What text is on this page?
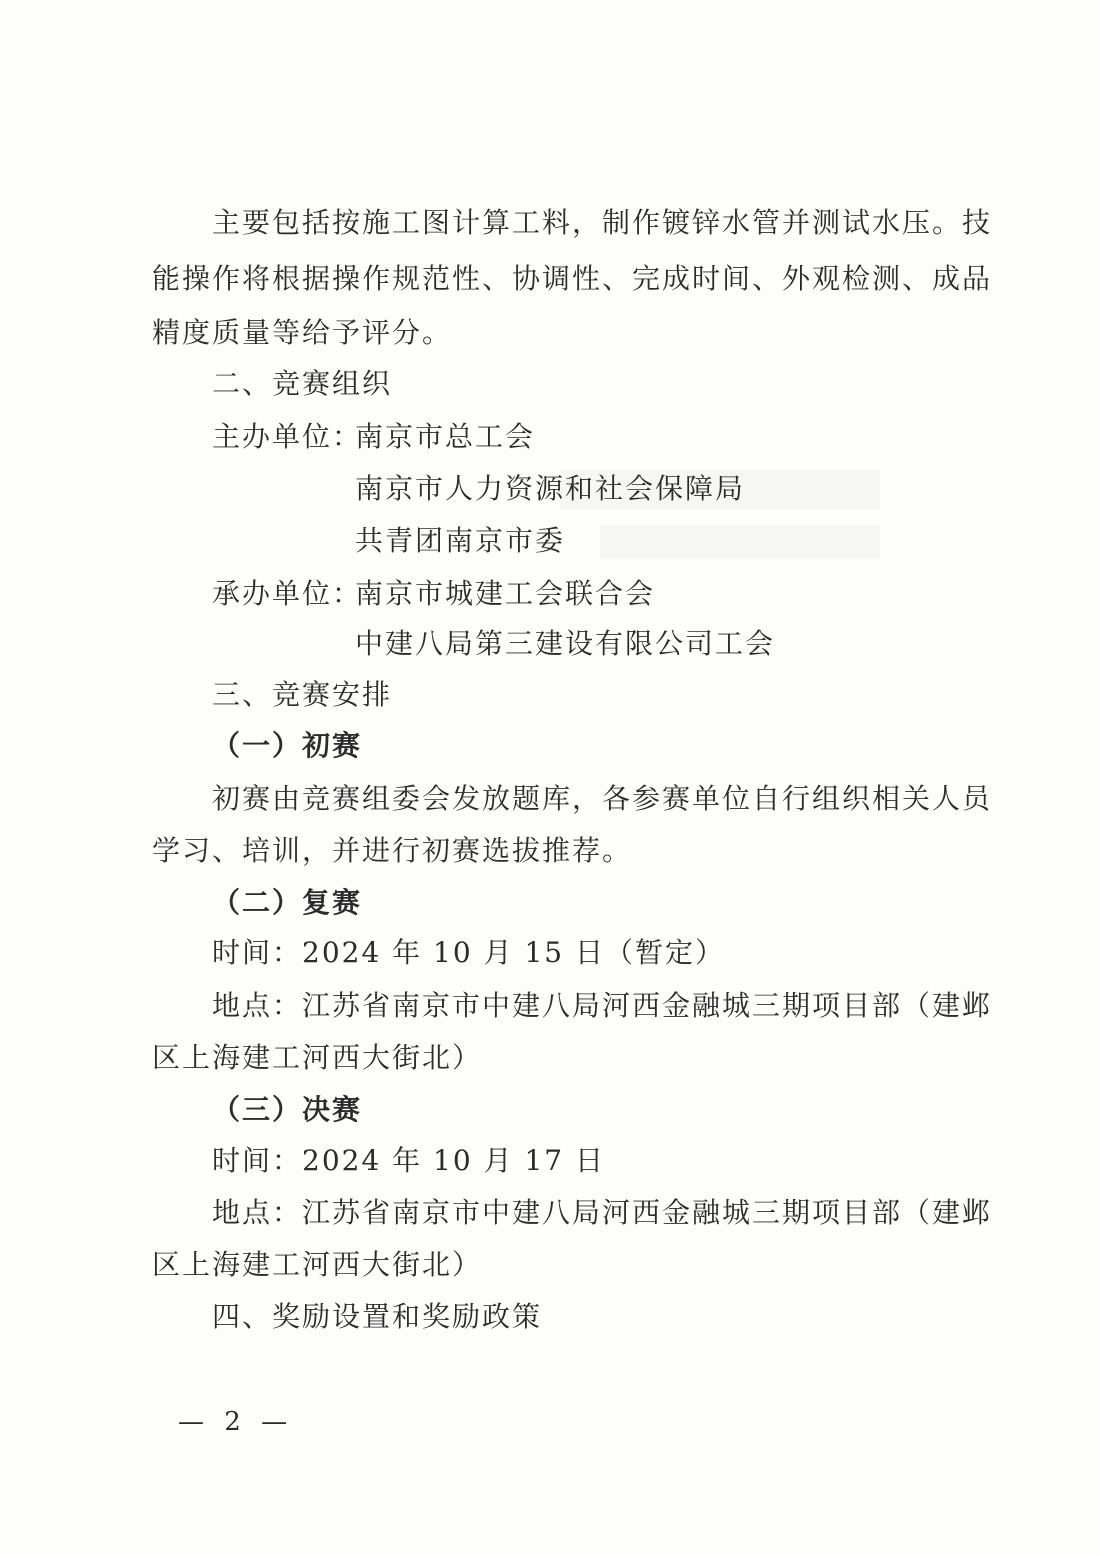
主要包括按施工图计算工料，制作镀锌水管并测试水压。技
能操作将根据操作规范性、协调性、完成时间、外观检测、成品
精度质量等给予评分。
二、竞赛组织
主办单位：
南京市总工会
南京市人力资源和社会保障局
共青团南京市委
承办单位：
南京市城建工会联合会
中建八局第三建设有限公司工会
三、竞赛安排
（一）初赛
初赛由竞赛组委会发放题库，各参赛单位自行组织相关人员
学习、培训，并进行初赛选拔推荐。
（二）复赛
时间：2024 年 10 月 15 日（暂定）
地点：江苏省南京市中建八局河西金融城三期项目部（建邺
区上海建工河西大街北）
（三）决赛
时间：2024 年 10 月 17 日
地点：江苏省南京市中建八局河西金融城三期项目部（建邺
区上海建工河西大街北）
四、奖励设置和奖励政策
— 2 —
